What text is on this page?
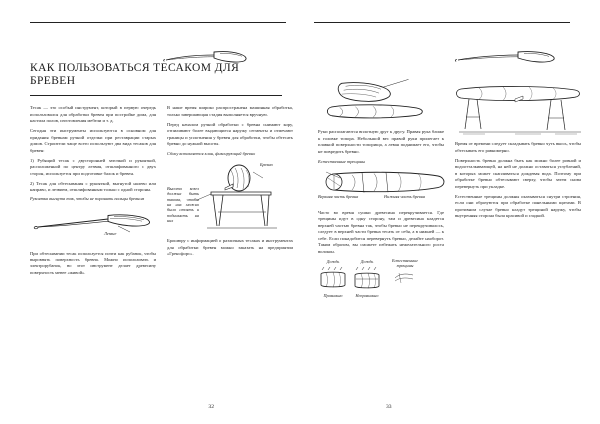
КАК ПОЛЬЗОВАТЬСЯ ТЕСАКОМ ДЛЯ БРЕВЕН

Тесак — это особый инструмент, который в первую очередь использовался для обработки бревен при постройке дома, для настила полов, изготовления мебели и т. д.

Сегодня эти инструменты используются в основном для придания бревнам ручной отделки при реставрации старых домов. Строители чаще всего используют два вида тесаков для бревен:

1) Рубящий тесак с двусторонней заточкой и рукояткой, расположенной по центру лезвия, отшлифованного с двух сторон, используется при подготовке балок и бревен.

2) Тесак для обтесывания с рукояткой, выгнутой налево или направо, и лезвием, отшлифованным только с одной стороны.

Рукоятка выгнута так, чтобы не поранить пальцы бревном
Лезвие

При обтесывании тесак используется почти как рубанок, чтобы выровнять поверхность бревна. Можно использовать и электрорубанок, но этот инструмент делает древесину поверхность менее «живой».

В наше время широко распространена машинная обработка, только завершающая стадия выполняется вручную.

Перед началом ручной обработки с бревна снимают кору, отпиливают более выдающиеся наружу сегменты и отмечают границы и уплотнения у бревен для обработки, чтобы обтесать бревно до нужной высоты.

Сбоку вставляется клин, фиксирующий бревно
Бревно
Высота козел должна быть такова, чтобы на них можно было стоять и поднимать на них

Брошюру с информацией о различных тесаках и инструментах для обработки бревен можно заказать на предприятии «Гренсфорс».

32

Руки располагаются вплотную друг к другу. Правая рука ближе к головке топора. Небольшой вес правой руки прилегает к плавной поверхности топорища, а левая поднимает его, чтобы не повредить бревно.

Естественные трещины
Верхняя часть бревна	Нижняя часть бревна

Часто во время сушки древесина перекручивается. Где трещины идут в одну сторону, там и древесина кладется верхней частью бревна так, чтобы бревно не перекручивалось, следует в верхней части бревна тесать от себя, а в нижней — к себе. Если понадобится перевернуть бревно, делайте наоборот. Таким образом, вы сможете избежать нежелательного роста волокон.

Дождь
Правильно
Дождь
Неправильно
Естественные трещины

Время от времени следует складывать бревно чуть вкось, чтобы обтесывать его равномерно.

Поверхность бревна должна быть как можно более ровной и водоотталкивающей, на ней не должно оставаться углублений, в которых может скапливаться дождевая вода. Поэтому при обработке бревно обтесывают сверху, чтобы затем снова перевернуть при укладке.

Естественные трещины должны оказываться снутри строения, если они образуются при обработке панельными щитами. В противном случае бревно кладут трещиной наружу, чтобы внутренняя сторона была красивой и гладкой.

33
